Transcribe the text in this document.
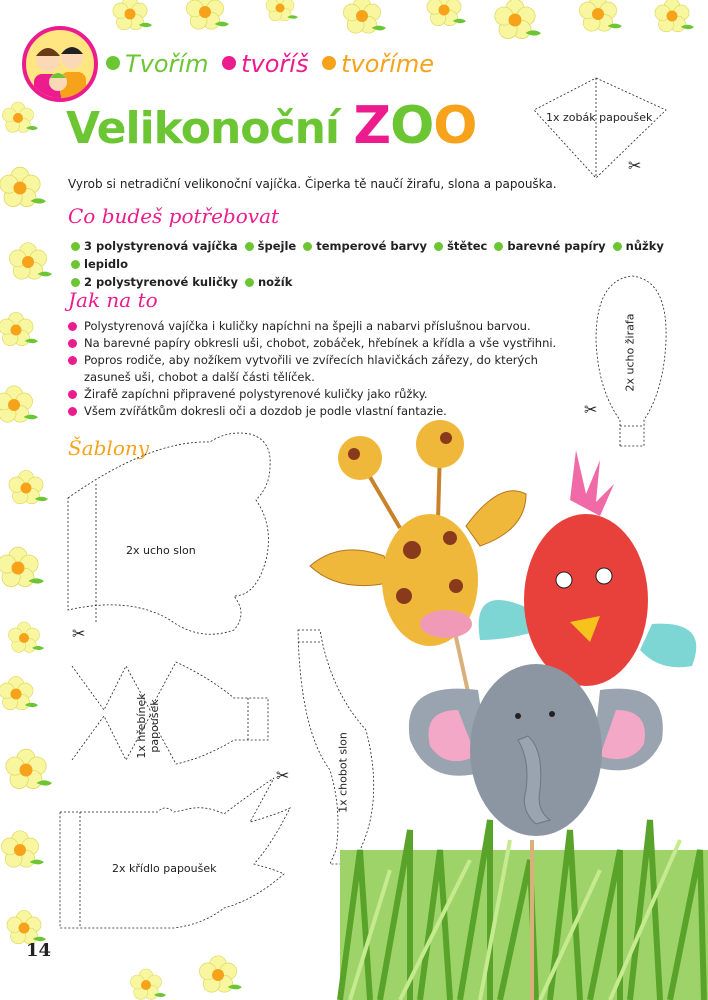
Tvořím tvoříš tvoříme
Velikonoční ZOO	1x zobák papoušek
✂
Vyrob si netradiční velikonoční vajíčka. Čiperka tě naučí žirafu, slona a papouška.
Co budeš potřebovat
3 polystyrenová vajíčka špejle temperové barvy štětec barevné papíry nůžky lepidlo
2 polystyrenové kuličky nožík
Jak na to
Polystyrenová vajíčka i kuličky napíchni na špejli a nabarvi příslušnou barvou.
Na barevné papíry obkresli uši, chobot, zobáček, hřebínek a křídla a vše vystřihni.
Popros rodiče, aby nožíkem vytvořili ve zvířecích hlavičkách zářezy, do kterých zasuneš uši, chobot a další části tělíček.
Žirafě zapíchni připravené polystyrenové kuličky jako růžky.
Všem zvířátkům dokresli oči a dozdob je podle vlastní fantazie.
2x ucho žirafa
✂
Šablony
2x ucho slon
✂
1x hřebínek
papoušek
1x chobot slon
✂
2x křídlo papoušek
14
